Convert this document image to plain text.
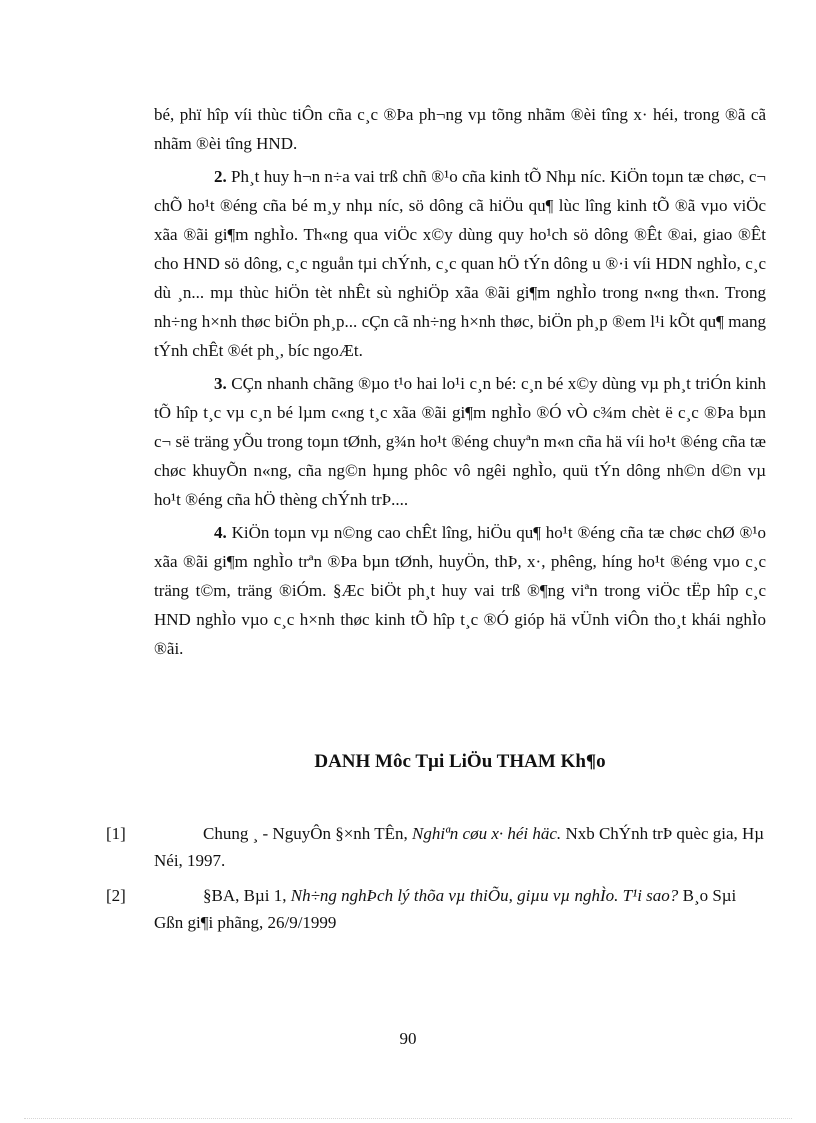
bé, phï hîp víi thùc tiÔn cña c¸c ®Þa ph¬ng vµ tõng nhãm ®èi tîng x· héi, trong ®ã cã nhãm ®èi tîng HND.

2. Ph¸t huy h¬n n÷a vai trß chñ ®¹o cña kinh tÕ Nhµ níc. KiÖn toµn tæ chøc, c¬ chÕ ho¹t ®éng cña bé m¸y nhµ níc, sö dông cã hiÖu qu¶ lùc lîng kinh tÕ ®ã vµo viÖc xãa ®ãi gi¶m nghÌo. Th«ng qua viÖc x©y dùng quy ho¹ch sö dông ®Êt ®ai, giao ®Êt cho HND sö dông, c¸c nguån tµi chÝnh, c¸c quan hÖ tÝn dông u ®·i víi HDN nghÌo, c¸c dù ¸n... mµ thùc hiÖn tèt nhÊt sù nghiÖp xãa ®ãi gi¶m nghÌo trong n«ng th«n. Trong nh÷ng h×nh thøc biÖn ph¸p... cÇn cã nh÷ng h×nh thøc, biÖn ph¸p ®em l¹i kÕt qu¶ mang tÝnh chÊt ®ét ph¸, bíc ngoÆt.

3. CÇn nhanh chãng ®µo t¹o hai lo¹i c¸n bé: c¸n bé x©y dùng vµ ph¸t triÓn kinh tÕ hîp t¸c vµ c¸n bé lµm c«ng t¸c xãa ®ãi gi¶m nghÌo ®Ó vÒ c¾m chèt ë c¸c ®Þa bµn c¬ së träng yÕu trong toµn tØnh, g¾n ho¹t ®éng chuyªn m«n cña hä víi ho¹t ®éng cña tæ chøc khuyÕn n«ng, cña ng©n hµng phôc vô ngêi nghÌo, quü tÝn dông nh©n d©n vµ ho¹t ®éng cña hÖ thèng chÝnh trÞ....

4. KiÖn toµn vµ n©ng cao chÊt lîng, hiÖu qu¶ ho¹t ®éng cña tæ chøc chØ ®¹o xãa ®ãi gi¶m nghÌo trªn ®Þa bµn tØnh, huyÖn, thÞ, x·, phêng, híng ho¹t ®éng vµo c¸c träng t©m, träng ®iÓm. §Æc biÖt ph¸t huy vai trß ®¶ng viªn trong viÖc tËp hîp c¸c HND nghÌo vµo c¸c h×nh thøc kinh tÕ hîp t¸c ®Ó gióp hä vÜnh viÔn tho¸t khái nghÌo ®ãi.

DANH Môc Tµi LiÖu THAM Kh¶o
[1]	Chung ¸ - NguyÔn §×nh TÊn, Nghiªn cøu x· héi häc. Nxb ChÝnh trÞ quèc gia, Hµ Néi, 1997.
[2]	§BA, Bµi 1, Nh÷ng nghÞch lý thõa vµ thiÕu, giµu vµ nghÌo. T¹i sao? B¸o Sµi Gßn gi¶i phãng, 26/9/1999
90
